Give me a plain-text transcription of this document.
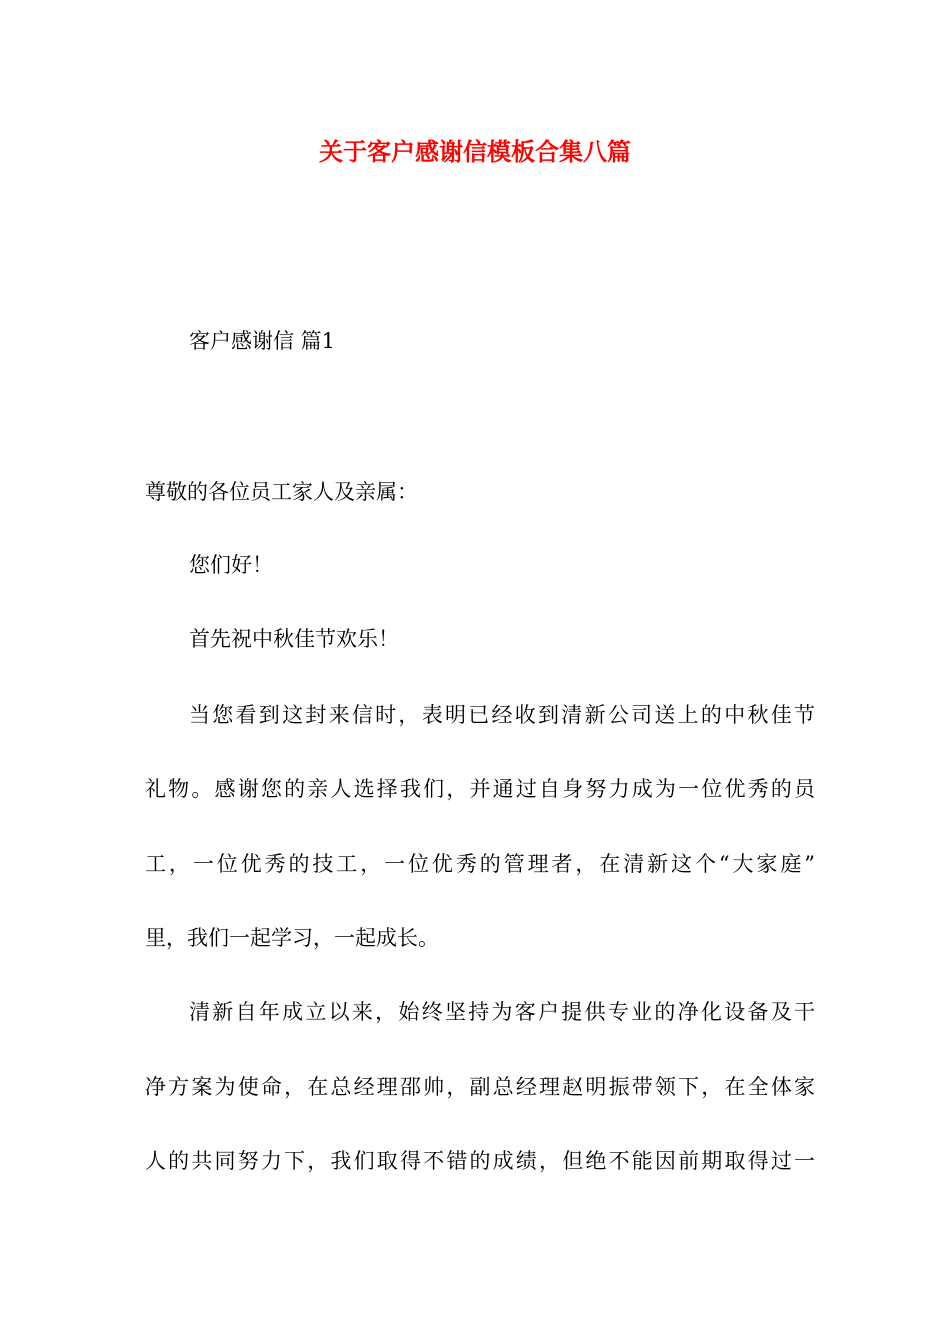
关于客户感谢信模板合集八篇
客户感谢信 篇1
尊敬的各位员工家人及亲属：
您们好！
首先祝中秋佳节欢乐！
当您看到这封来信时，表明已经收到清新公司送上的中秋佳节
礼物。感谢您的亲人选择我们，并通过自身努力成为一位优秀的员
工，一位优秀的技工，一位优秀的管理者，在清新这个“大家庭”
里，我们一起学习，一起成长。
清新自年成立以来，始终坚持为客户提供专业的净化设备及干
净方案为使命，在总经理邵帅，副总经理赵明振带领下，在全体家
人的共同努力下，我们取得不错的成绩，但绝不能因前期取得过一
